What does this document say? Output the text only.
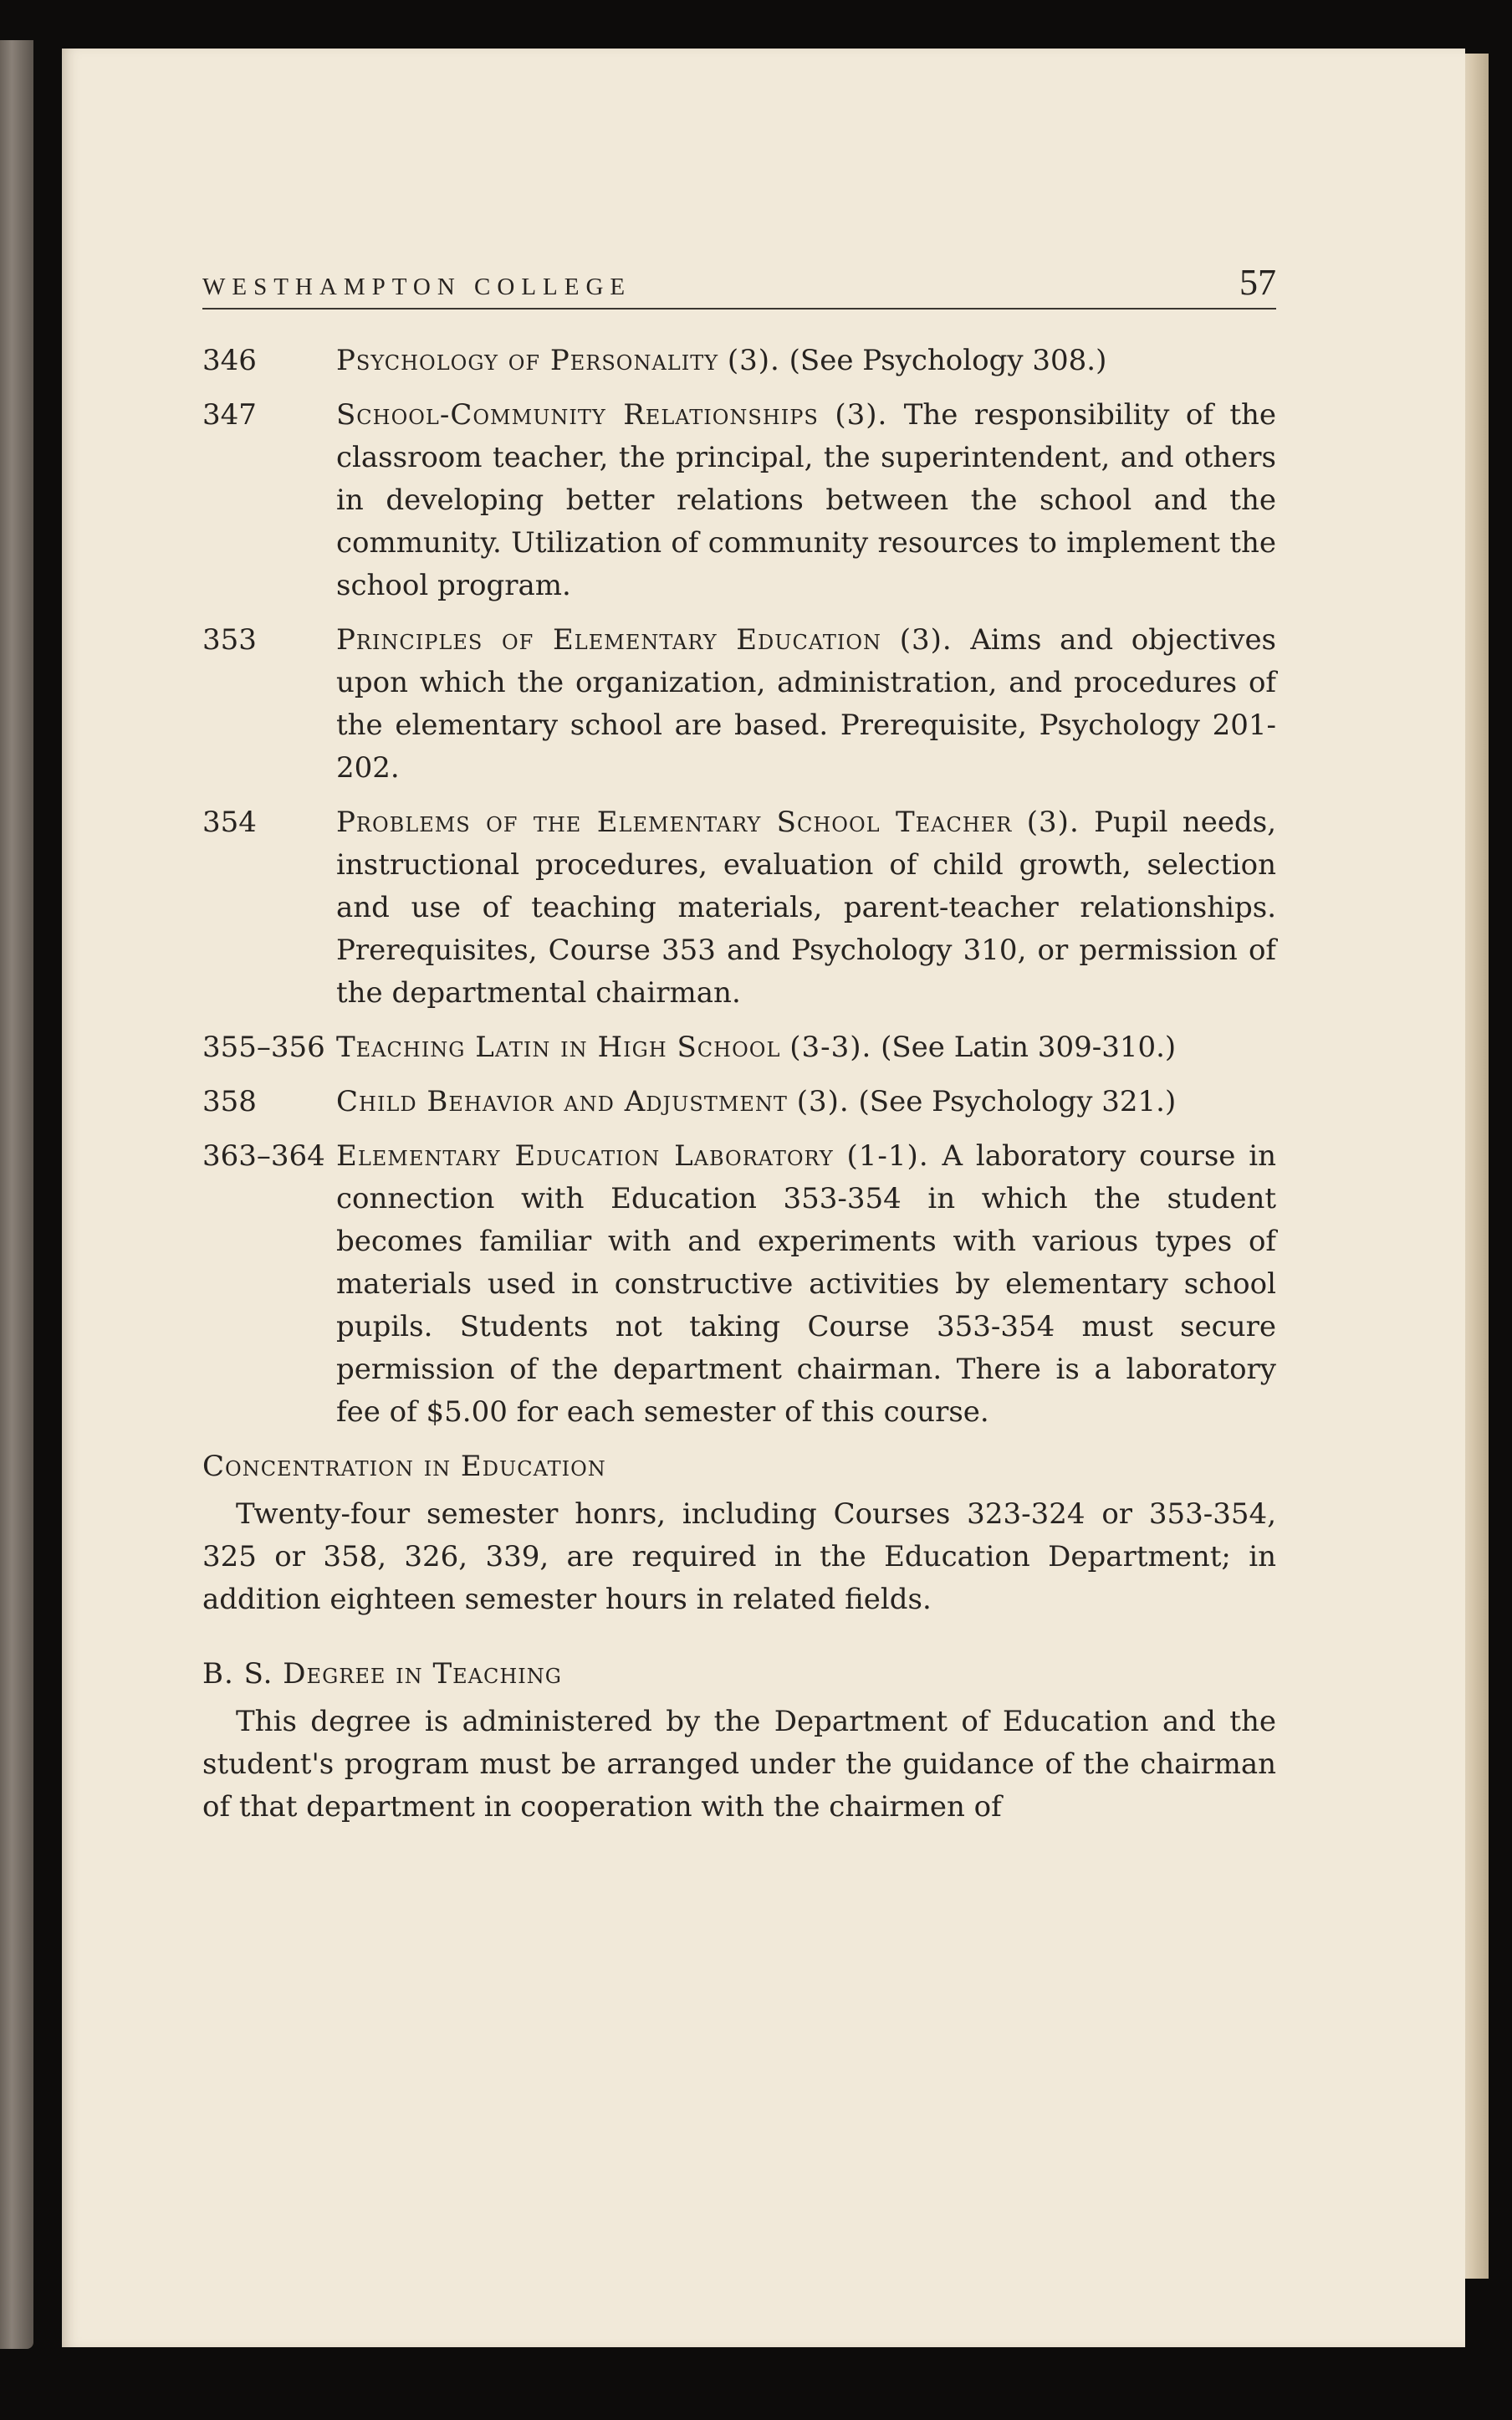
WESTHAMPTON COLLEGE	57
346	Psychology of Personality (3). (See Psychology 308.)
347	School-Community Relationships (3). The responsibility of the classroom teacher, the principal, the superintendent, and others in developing better relations between the school and the community. Utilization of community resources to implement the school program.
353	Principles of Elementary Education (3). Aims and objectives upon which the organization, administration, and procedures of the elementary school are based. Prerequisite, Psychology 201-202.
354	Problems of the Elementary School Teacher (3). Pupil needs, instructional procedures, evaluation of child growth, selection and use of teaching materials, parent-teacher relationships. Prerequisites, Course 353 and Psychology 310, or permission of the departmental chairman.
355–356 Teaching Latin in High School (3-3). (See Latin 309-310.)
358	Child Behavior and Adjustment (3). (See Psychology 321.)
363–364 Elementary Education Laboratory (1-1). A laboratory course in connection with Education 353-354 in which the student becomes familiar with and experiments with various types of materials used in constructive activities by elementary school pupils. Students not taking Course 353-354 must secure permission of the department chairman. There is a laboratory fee of $5.00 for each semester of this course.
Concentration in Education

Twenty-four semester honrs, including Courses 323-324 or 353-354, 325 or 358, 326, 339, are required in the Education Department; in addition eighteen semester hours in related fields.

B. S. Degree in Teaching

This degree is administered by the Department of Education and the student's program must be arranged under the guidance of the chairman of that department in cooperation with the chairmen of
